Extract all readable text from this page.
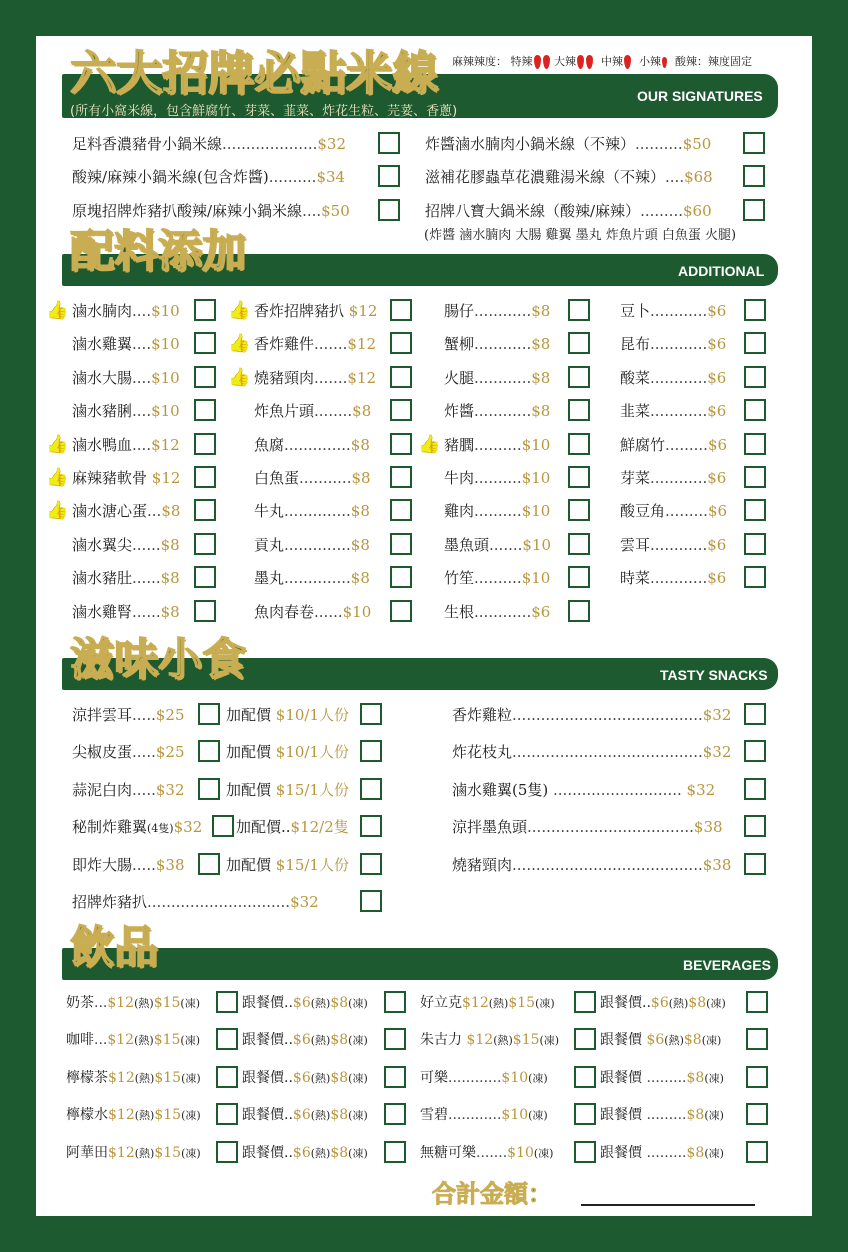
麻辣辣度： 特辣 大辣 中辣 小辣 酸辣：辣度固定
六大招牌必點米線
(所有小窩米線，包含鮮腐竹、芽菜、韮菜、炸花生粒、芫荽、香蔥)
OUR SIGNATURES
(炸醬 滷水腩肉 大腸 雞翼 墨丸 炸魚片頭 白魚蛋 火腿)
配料添加	ADDITIONAL
滋味小食	TASTY SNACKS
飲品	BEVERAGES
合計金額：
足料香濃豬骨小鍋米線....................$32
酸辣/麻辣小鍋米線(包含炸醬)..........$34
原塊招牌炸豬扒酸辣/麻辣小鍋米線....$50
炸醬滷水腩肉小鍋米線（不辣）..........$50
滋補花膠蟲草花濃雞湯米線（不辣）....$68
招牌八寶大鍋米線（酸辣/麻辣）.........$60
👍 滷水腩肉....$10
滷水雞翼....$10
滷水大腸....$10
滷水豬脷....$10
👍 滷水鴨血....$12
👍 麻辣豬軟骨 $12
👍 滷水溏心蛋...$8
滷水翼尖......$8
滷水豬肚......$8
滷水雞腎......$8
👍 香炸招牌豬扒 $12
👍 香炸雞件.......$12
👍 燒豬頸肉.......$12
炸魚片頭........$8
魚腐..............$8
白魚蛋...........$8
牛丸..............$8
貢丸..............$8
墨丸..............$8
魚肉春卷......$10
腸仔............$8
蟹柳............$8
火腿............$8
炸醬............$8
👍 豬膶..........$10
牛肉..........$10
雞肉..........$10
墨魚頭.......$10
竹笙..........$10
生根............$6
豆卜............$6
昆布............$6
酸菜............$6
韭菜............$6
鮮腐竹.........$6
芽菜............$6
酸豆角.........$6
雲耳............$6
時菜............$6
涼拌雲耳.....$25	加配價 $10/1人份
尖椒皮蛋.....$25	加配價 $10/1人份
蒜泥白肉.....$32	加配價 $15/1人份
秘制炸雞翼(4隻)$32 加配價..$12/2隻
即炸大腸.....$38	加配價 $15/1人份
招牌炸豬扒..............................$32
香炸雞粒........................................$32
炸花枝丸........................................$32
滷水雞翼(5隻) ........................... $32
涼拌墨魚頭...................................$38
燒豬頸肉........................................$38
奶茶...$12(熱)$15(凍)	跟餐價..$6(熱)$8(凍)
咖啡...$12(熱)$15(凍)	跟餐價..$6(熱)$8(凍)
檸檬茶$12(熱)$15(凍)	跟餐價..$6(熱)$8(凍)
檸檬水$12(熱)$15(凍)	跟餐價..$6(熱)$8(凍)
阿華田$12(熱)$15(凍)	跟餐價..$6(熱)$8(凍)
好立克$12(熱)$15(凍)	跟餐價..$6(熱)$8(凍)
朱古力 $12(熱)$15(凍)	跟餐價 $6(熱)$8(凍)
可樂............$10(凍)	跟餐價 .........$8(凍)
雪碧............$10(凍)	跟餐價 .........$8(凍)
無糖可樂.......$10(凍)	跟餐價 .........$8(凍)
